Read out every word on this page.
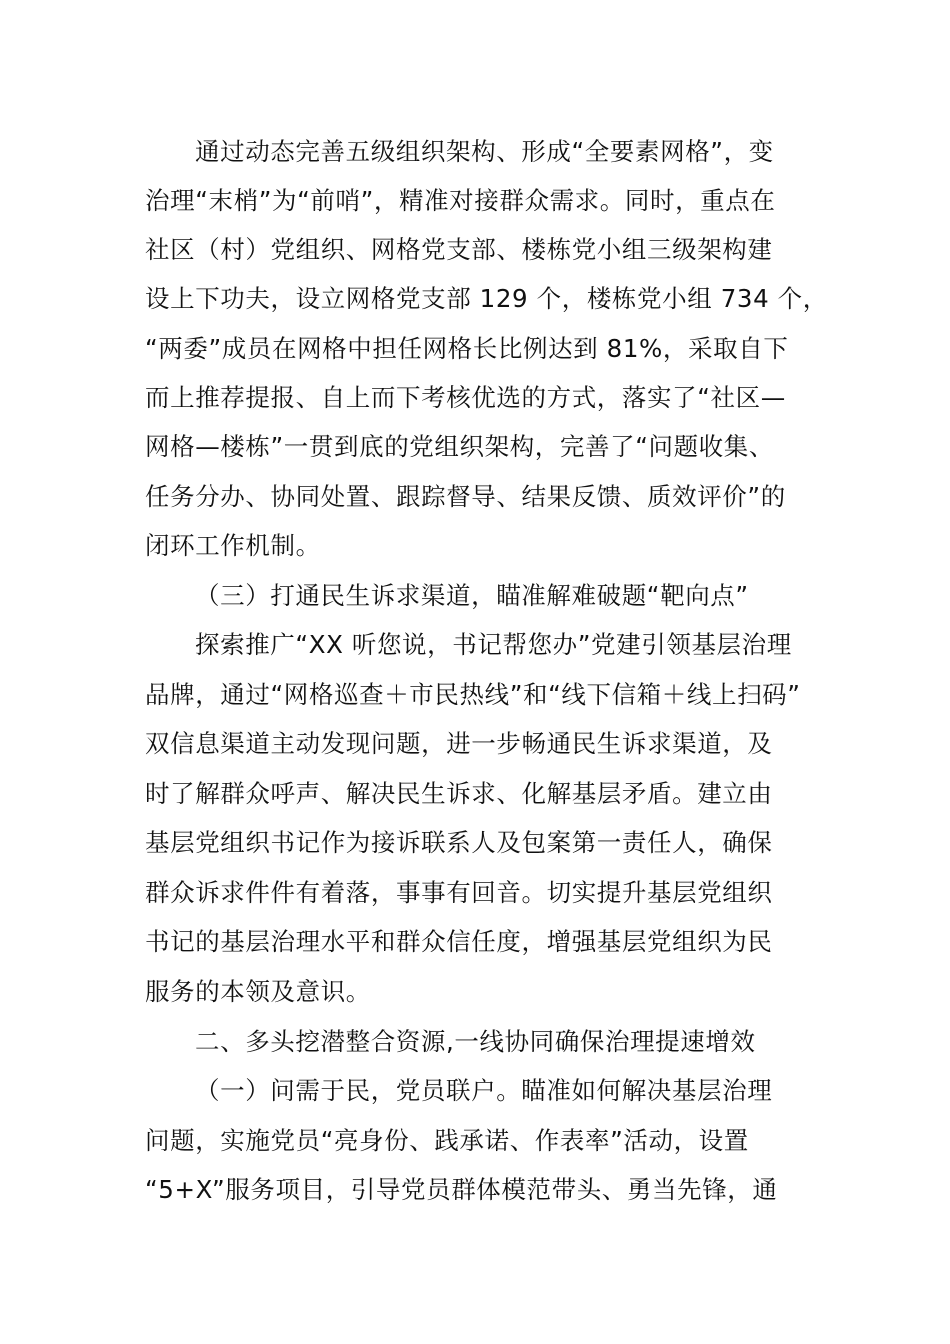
通过动态完善五级组织架构、形成“全要素网格”，变
治理“末梢”为“前哨”，精准对接群众需求。同时，重点在
社区（村）党组织、网格党支部、楼栋党小组三级架构建
设上下功夫，设立网格党支部 129 个，楼栋党小组 734 个，
“两委”成员在网格中担任网格长比例达到 81%，采取自下
而上推荐提报、自上而下考核优选的方式，落实了“社区—
网格—楼栋”一贯到底的党组织架构，完善了“问题收集、
任务分办、协同处置、跟踪督导、结果反馈、质效评价”的
闭环工作机制。
（三）打通民生诉求渠道，瞄准解难破题“靶向点”
探索推广“XX 听您说，书记帮您办”党建引领基层治理
品牌，通过“网格巡查＋市民热线”和“线下信箱＋线上扫码”
双信息渠道主动发现问题，进一步畅通民生诉求渠道，及
时了解群众呼声、解决民生诉求、化解基层矛盾。建立由
基层党组织书记作为接诉联系人及包案第一责任人，确保
群众诉求件件有着落，事事有回音。切实提升基层党组织
书记的基层治理水平和群众信任度，增强基层党组织为民
服务的本领及意识。
二、多头挖潜整合资源,一线协同确保治理提速增效
（一）问需于民，党员联户。瞄准如何解决基层治理
问题，实施党员“亮身份、践承诺、作表率”活动，设置
“5+X”服务项目，引导党员群体模范带头、勇当先锋，通
